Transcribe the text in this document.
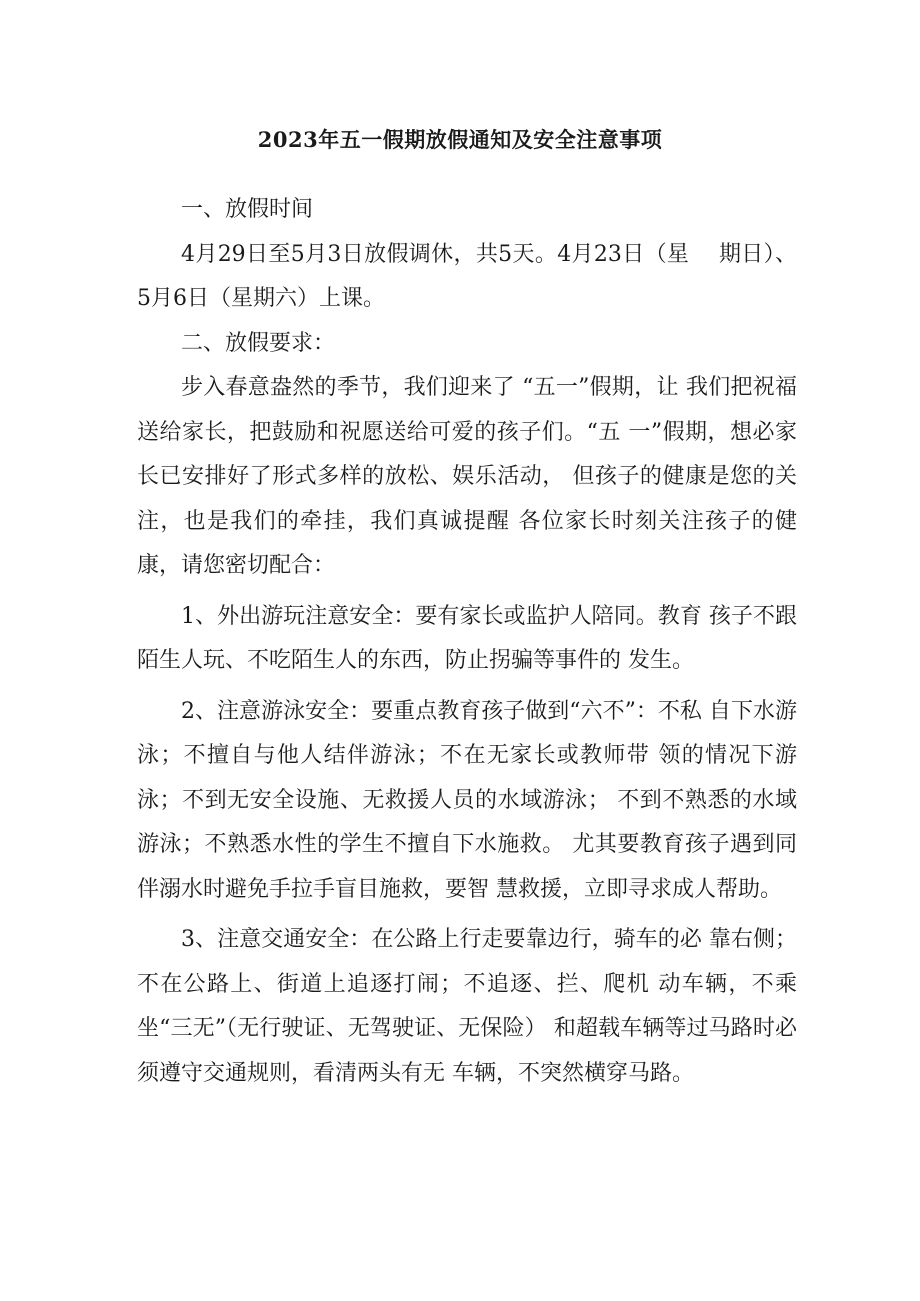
2023年五一假期放假通知及安全注意事项

一、放假时间

4月29日至5月3日放假调休，共5天。4月23日（星　 期日）、5月6日（星期六）上课。

二、放假要求：

步入春意盎然的季节，我们迎来了 “五一”假期，让 我们把祝福送给家长，把鼓励和祝愿送给可爱的孩子们。“五 一”假期，想必家长已安排好了形式多样的放松、娱乐活动， 但孩子的健康是您的关注，也是我们的牵挂，我们真诚提醒 各位家长时刻关注孩子的健康，请您密切配合：

1、外出游玩注意安全：要有家长或监护人陪同。教育 孩子不跟陌生人玩、不吃陌生人的东西，防止拐骗等事件的 发生。

2、注意游泳安全：要重点教育孩子做到“六不”：不私 自下水游泳；不擅自与他人结伴游泳；不在无家长或教师带 领的情况下游泳；不到无安全设施、无救援人员的水域游泳； 不到不熟悉的水域游泳；不熟悉水性的学生不擅自下水施救。 尤其要教育孩子遇到同伴溺水时避免手拉手盲目施救，要智 慧救援，立即寻求成人帮助。

3、注意交通安全：在公路上行走要靠边行，骑车的必 靠右侧；不在公路上、街道上追逐打闹；不追逐、拦、爬机 动车辆，不乘坐“三无”（无行驶证、无驾驶证、无保险） 和超载车辆等过马路时必须遵守交通规则，看清两头有无 车辆，不突然横穿马路。
